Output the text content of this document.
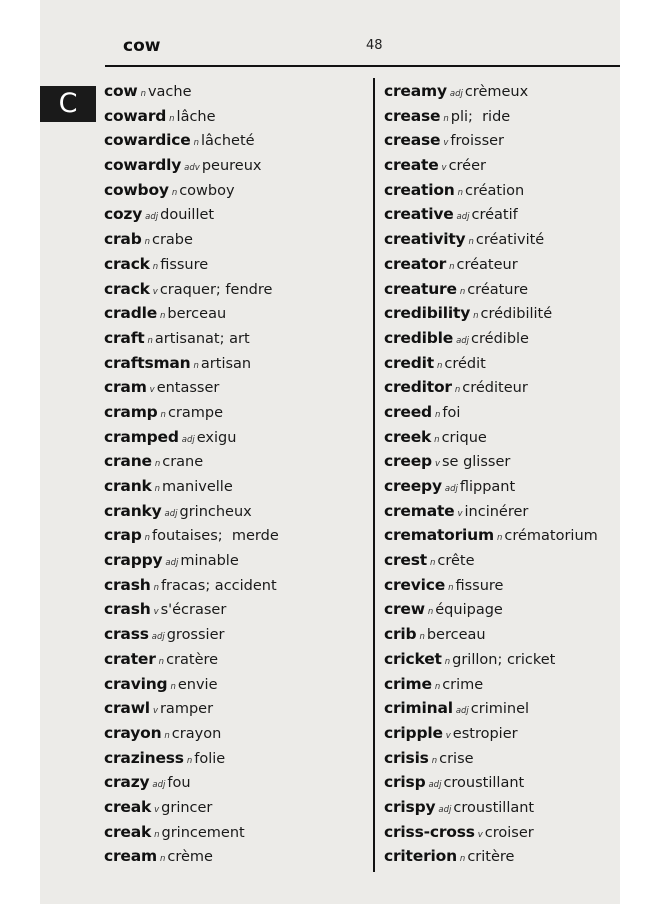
cow	48
C	cow n vache
coward n lâche
cowardice n lâcheté
cowardly adv peureux
cowboy n cowboy
cozy adj douillet
crab n crabe
crack n fissure
crack v craquer; fendre
cradle n berceau
craft n artisanat; art
craftsman n artisan
cram v entasser
cramp n crampe
cramped adj exigu
crane n crane
crank n manivelle
cranky adj grincheux
crap n foutaises;  merde
crappy adj minable
crash n fracas; accident
crash v s'écraser
crass adj grossier
crater n cratère
craving n envie
crawl v ramper
crayon n crayon
craziness n folie
crazy adj fou
creak v grincer
creak n grincement
cream n crème
creamy adj crèmeux
crease n pli;  ride
crease v froisser
create v créer
creation n création
creative adj créatif
creativity n créativité
creator n créateur
creature n créature
credibility n crédibilité
credible adj crédible
credit n crédit
creditor n créditeur
creed n foi
creek n crique
creep v se glisser
creepy adj flippant
cremate v incinérer
crematorium n crématorium
crest n crête
crevice n fissure
crew n équipage
crib n berceau
cricket n grillon; cricket
crime n crime
criminal adj criminel
cripple v estropier
crisis n crise
crisp adj croustillant
crispy adj croustillant
criss-cross v croiser
criterion n critère
